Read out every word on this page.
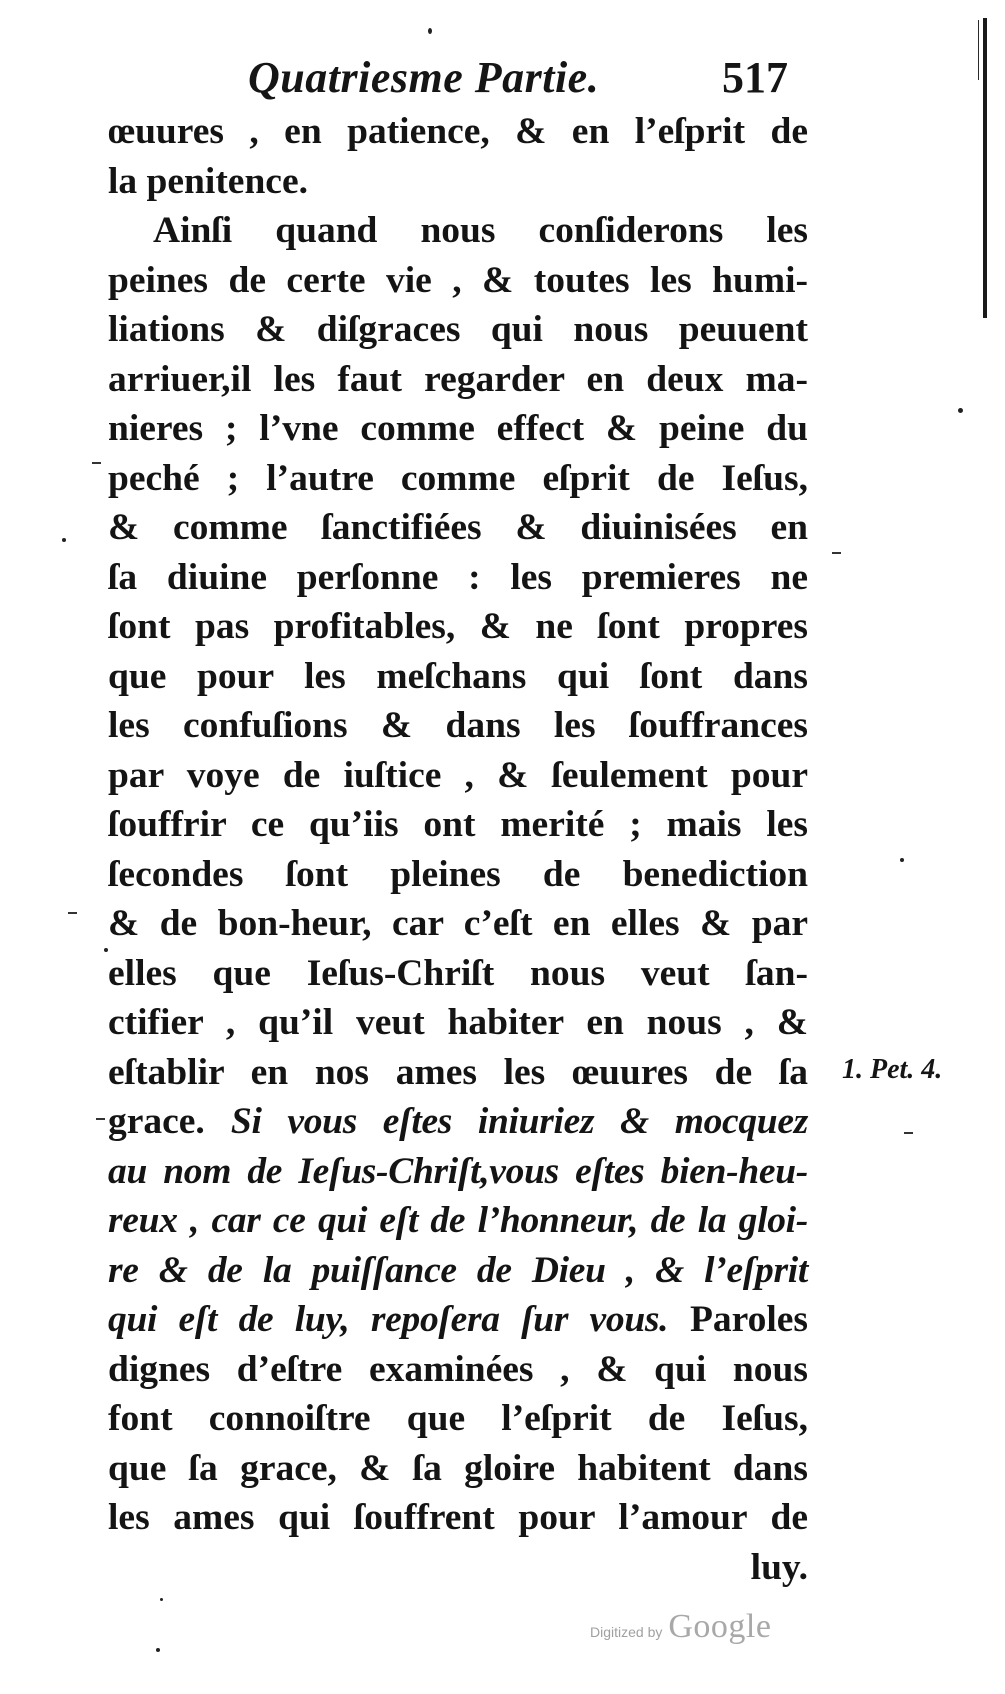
Quatriesme Partie.	517
œuures , en patience, & en l’eſprit de
la penitence.
Ainſi quand nous conſiderons les
peines de certe vie , & toutes les humi-
liations & diſgraces qui nous peuuent
arriuer,il les faut regarder en deux ma-
nieres ; l’vne comme effect & peine du
peché ; l’autre comme eſprit de Ieſus,
& comme ſanctifiées & diuinisées en
ſa diuine perſonne : les premieres ne
ſont pas profitables, & ne ſont propres
que pour les meſchans qui ſont dans
les confuſions & dans les ſouffrances
par voye de iuſtice , & ſeulement pour
ſouffrir ce qu’iis ont merité ; mais les
ſecondes ſont pleines de benediction
& de bon-heur, car c’eſt en elles & par
elles que Ieſus-Chriſt nous veut ſan-
ctifier , qu’il veut habiter en nous , &
eſtablir en nos ames les œuures de ſa
grace. Si vous eſtes iniuriez & mocquez
au nom de Ieſus-Chriſt,vous eſtes bien-heu-
reux , car ce qui eſt de l’honneur, de la gloi-
re & de la puiſſance de Dieu , & l’eſprit
qui eſt de luy, repoſera ſur vous. Paroles
dignes d’eſtre examinées , & qui nous
font connoiſtre que l’eſprit de Ieſus,
que ſa grace, & ſa gloire habitent dans
les ames qui ſouffrent pour l’amour de
luy.
1. Pet. 4.
Digitized by Google
